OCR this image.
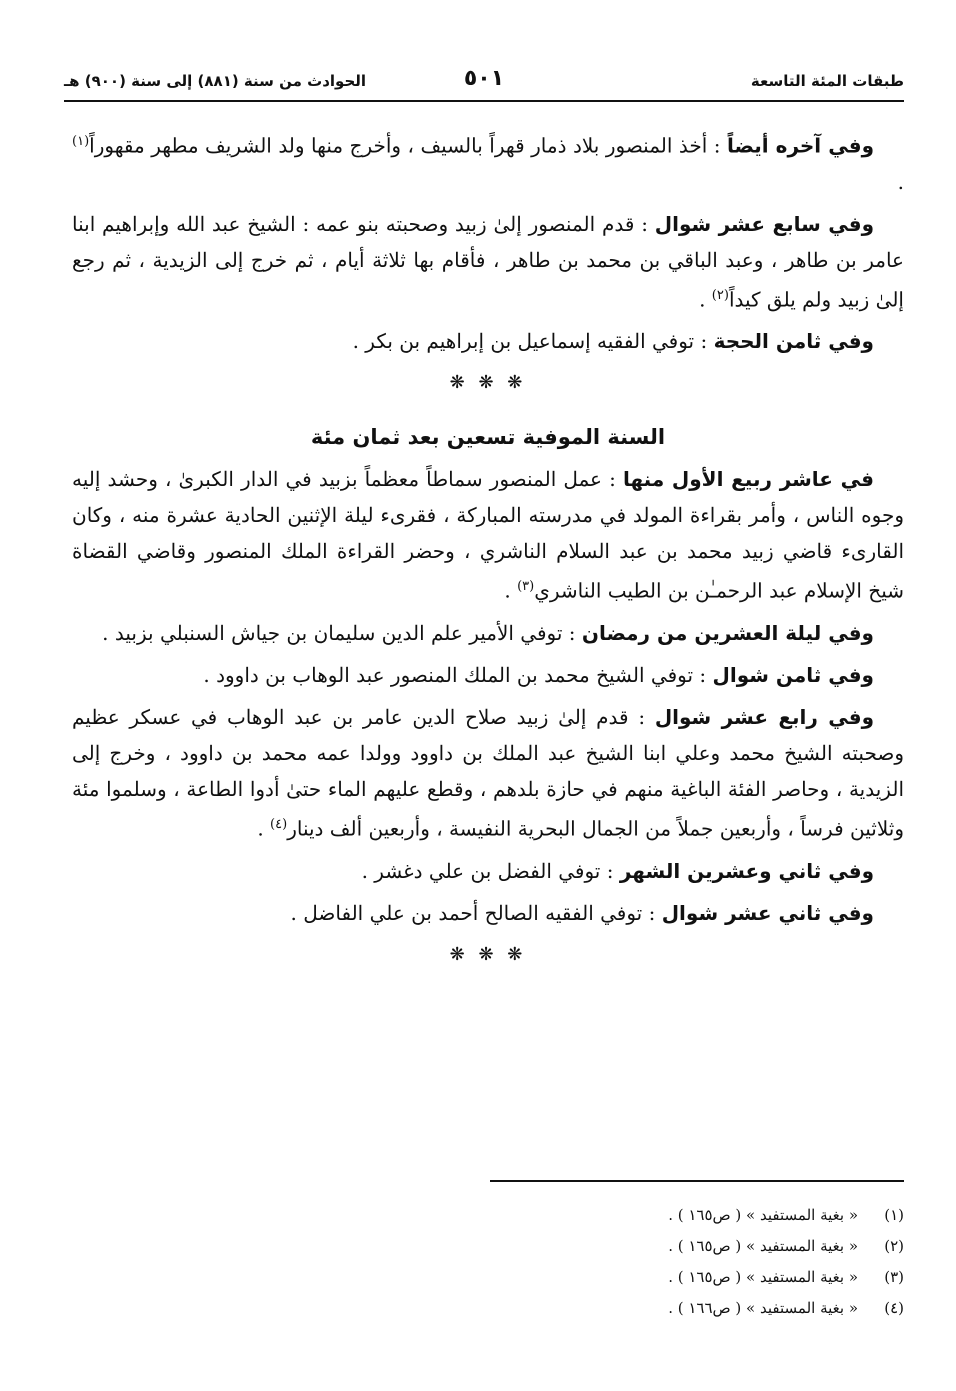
طبقات المئة التاسعة
٥٠١
الحوادث من سنة (٨٨١) إلى سنة (٩٠٠) هـ

وفي آخره أيضاً : أخذ المنصور بلاد ذمار قهراً بالسيف ، وأخرج منها ولد الشريف مطهر مقهوراً$^{(١)}$ .

وفي سابع عشر شوال : قدم المنصور إلىٰ زبيد وصحبته بنو عمه : الشيخ عبد الله وإبراهيم ابنا عامر بن طاهر ، وعبد الباقي بن محمد بن طاهر ، فأقام بها ثلاثة أيام ، ثم خرج إلى الزيدية ، ثم رجع إلىٰ زبيد ولم يلق كيداً$^{(٢)}$ .

وفي ثامن الحجة : توفي الفقيه إسماعيل بن إبراهيم بن بكر .

❋ ❋ ❋
السنة الموفية تسعين بعد ثمان مئة

في عاشر ربيع الأول منها : عمل المنصور سماطاً معظماً بزبيد في الدار الكبرىٰ ، وحشد إليه وجوه الناس ، وأمر بقراءة المولد في مدرسته المباركة ، فقرىء ليلة الإثنين الحادية عشرة منه ، وكان القارىء قاضي زبيد محمد بن عبد السلام الناشري ، وحضر القراءة الملك المنصور وقاضي القضاة شيخ الإسلام عبد الرحمـٰن بن الطيب الناشري$^{(٣)}$ .

وفي ليلة العشرين من رمضان : توفي الأمير علم الدين سليمان بن جياش السنبلي بزبيد .

وفي ثامن شوال : توفي الشيخ محمد بن الملك المنصور عبد الوهاب بن داوود .

وفي رابع عشر شوال : قدم إلىٰ زبيد صلاح الدين عامر بن عبد الوهاب في عسكر عظيم وصحبته الشيخ محمد وعلي ابنا الشيخ عبد الملك بن داوود وولدا عمه محمد بن داوود ، وخرج إلى الزيدية ، وحاصر الفئة الباغية منهم في حازة بلدهم ، وقطع عليهم الماء حتىٰ أدوا الطاعة ، وسلموا مئة وثلاثين فرساً ، وأربعين جملاً من الجمال البحرية النفيسة ، وأربعين ألف دينار$^{(٤)}$ .

وفي ثاني وعشرين الشهر : توفي الفضل بن علي دغشر .

وفي ثاني عشر شوال : توفي الفقيه الصالح أحمد بن علي الفاضل .

❋ ❋ ❋
(١)« بغية المستفيد » ( ص١٦٥ ) .
(٢)« بغية المستفيد » ( ص١٦٥ ) .
(٣)« بغية المستفيد » ( ص١٦٥ ) .
(٤)« بغية المستفيد » ( ص١٦٦ ) .
